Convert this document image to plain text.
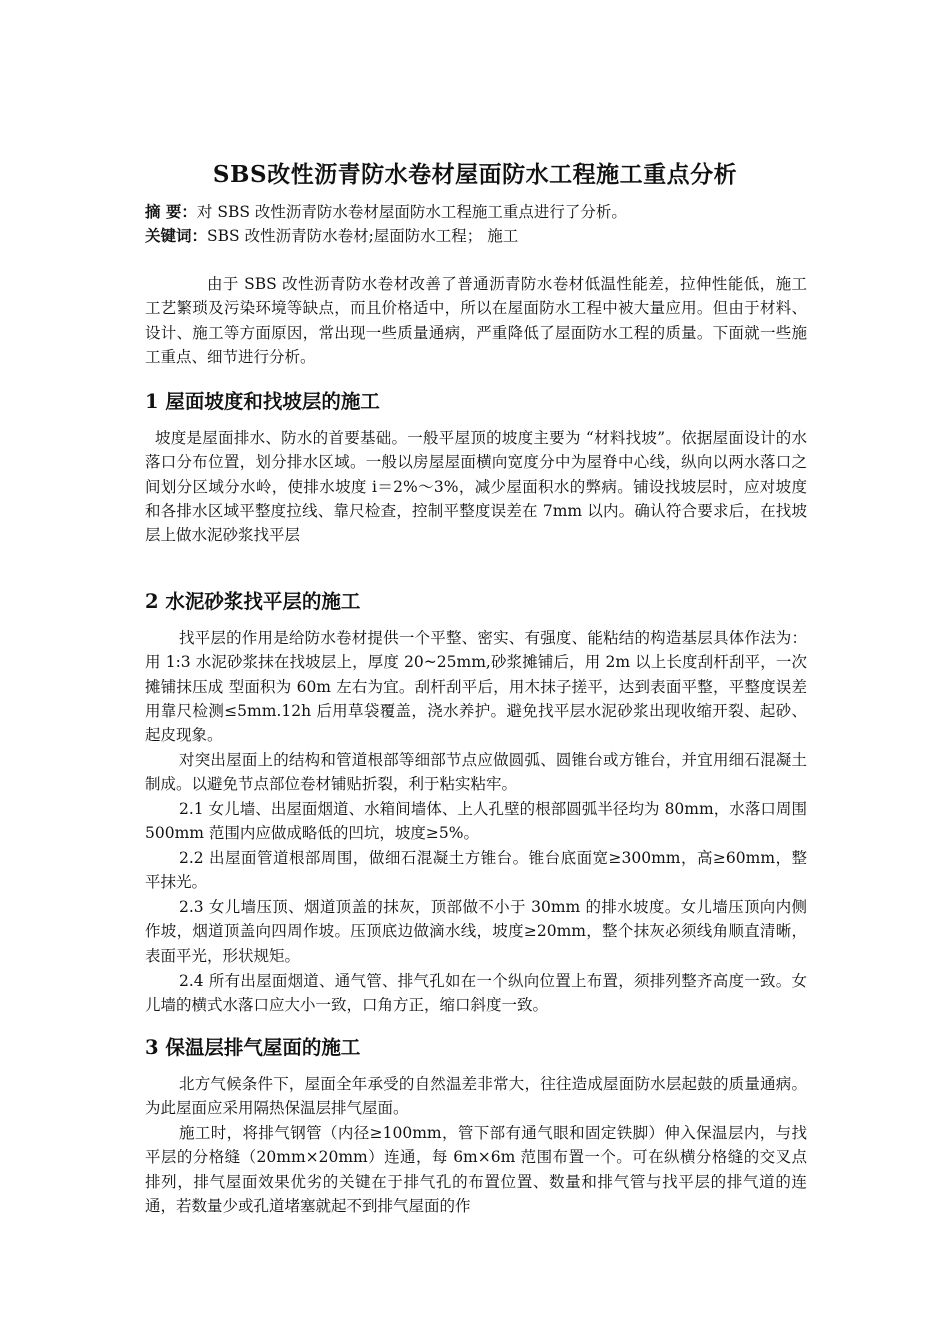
SBS改性沥青防水卷材屋面防水工程施工重点分析
摘 要：对 SBS 改性沥青防水卷材屋面防水工程施工重点进行了分析。
关键词：SBS 改性沥青防水卷材;屋面防水工程； 施工

由于 SBS 改性沥青防水卷材改善了普通沥青防水卷材低温性能差，拉伸性能低，施工工艺繁琐及污染环境等缺点，而且价格适中，所以在屋面防水工程中被大量应用。但由于材料、设计、施工等方面原因，常出现一些质量通病，严重降低了屋面防水工程的质量。下面就一些施工重点、细节进行分析。

1 屋面坡度和找坡层的施工

坡度是屋面排水、防水的首要基础。一般平屋顶的坡度主要为 “材料找坡”。依据屋面设计的水落口分布位置，划分排水区域。一般以房屋屋面横向宽度分中为屋脊中心线，纵向以两水落口之间划分区域分水岭，使排水坡度 i＝2%～3%，减少屋面积水的弊病。铺设找坡层时，应对坡度和各排水区域平整度拉线、靠尺检查，控制平整度误差在 7mm 以内。确认符合要求后，在找坡层上做水泥砂浆找平层

2 水泥砂浆找平层的施工

找平层的作用是给防水卷材提供一个平整、密实、有强度、能粘结的构造基层具体作法为：用 1:3 水泥砂浆抹在找坡层上，厚度 20~25mm,砂浆摊铺后，用 2m 以上长度刮杆刮平，一次摊铺抹压成 型面积为 60m 左右为宜。刮杆刮平后，用木抹子搓平，达到表面平整，平整度误差用靠尺检测≤5mm.12h 后用草袋覆盖，浇水养护。避免找平层水泥砂浆出现收缩开裂、起砂、起皮现象。

对突出屋面上的结构和管道根部等细部节点应做圆弧、圆锥台或方锥台，并宜用细石混凝土制成。以避免节点部位卷材铺贴折裂，利于粘实粘牢。

2.1 女儿墙、出屋面烟道、水箱间墙体、上人孔壁的根部圆弧半径均为 80mm，水落口周围 500mm 范围内应做成略低的凹坑，坡度≥5%。

2.2 出屋面管道根部周围，做细石混凝土方锥台。锥台底面宽≥300mm，高≥60mm，整平抹光。

2.3 女儿墙压顶、烟道顶盖的抹灰，顶部做不小于 30mm 的排水坡度。女儿墙压顶向内侧作坡，烟道顶盖向四周作坡。压顶底边做滴水线，坡度≥20mm，整个抹灰必须线角顺直清晰，表面平光，形状规矩。

2.4 所有出屋面烟道、通气管、排气孔如在一个纵向位置上布置，须排列整齐高度一致。女儿墙的横式水落口应大小一致，口角方正，缩口斜度一致。

3 保温层排气屋面的施工

北方气候条件下，屋面全年承受的自然温差非常大，往往造成屋面防水层起鼓的质量通病。为此屋面应采用隔热保温层排气屋面。

施工时，将排气钢管（内径≥100mm，管下部有通气眼和固定铁脚）伸入保温层内，与找平层的分格缝（20mm×20mm）连通，每 6m×6m 范围布置一个。可在纵横分格缝的交叉点排列，排气屋面效果优劣的关键在于排气孔的布置位置、数量和排气管与找平层的排气道的连通，若数量少或孔道堵塞就起不到排气屋面的作
